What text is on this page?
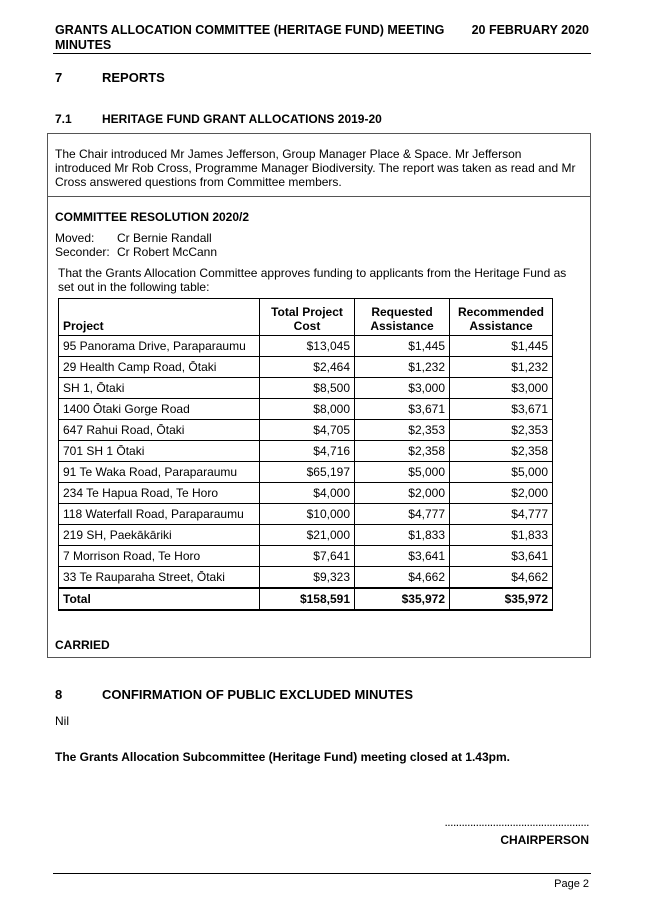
GRANTS ALLOCATION COMMITTEE (HERITAGE FUND) MEETING MINUTES
20 FEBRUARY 2020
7	REPORTS
7.1	HERITAGE FUND GRANT ALLOCATIONS 2019-20
The Chair introduced Mr James Jefferson, Group Manager Place & Space. Mr Jefferson introduced Mr Rob Cross, Programme Manager Biodiversity. The report was taken as read and Mr Cross answered questions from Committee members.
COMMITTEE RESOLUTION 2020/2
Moved: Cr Bernie Randall
Seconder: Cr Robert McCann
That the Grants Allocation Committee approves funding to applicants from the Heritage Fund as set out in the following table:
Project	Total Project Cost	Requested Assistance	Recommended Assistance
95 Panorama Drive, Paraparaumu	$13,045	$1,445	$1,445
29 Health Camp Road, Ōtaki	$2,464	$1,232	$1,232
SH 1, Ōtaki	$8,500	$3,000	$3,000
1400 Ōtaki Gorge Road	$8,000	$3,671	$3,671
647 Rahui Road, Ōtaki	$4,705	$2,353	$2,353
701 SH 1 Ōtaki	$4,716	$2,358	$2,358
91 Te Waka Road, Paraparaumu	$65,197	$5,000	$5,000
234 Te Hapua Road, Te Horo	$4,000	$2,000	$2,000
118 Waterfall Road, Paraparaumu	$10,000	$4,777	$4,777
219 SH, Paekākāriki	$21,000	$1,833	$1,833
7 Morrison Road, Te Horo	$7,641	$3,641	$3,641
33 Te Rauparaha Street, Ōtaki	$9,323	$4,662	$4,662
Total	$158,591	$35,972	$35,972
CARRIED
8	CONFIRMATION OF PUBLIC EXCLUDED MINUTES
Nil
The Grants Allocation Subcommittee (Heritage Fund) meeting closed at 1.43pm.
...................................................
CHAIRPERSON
Page 2
